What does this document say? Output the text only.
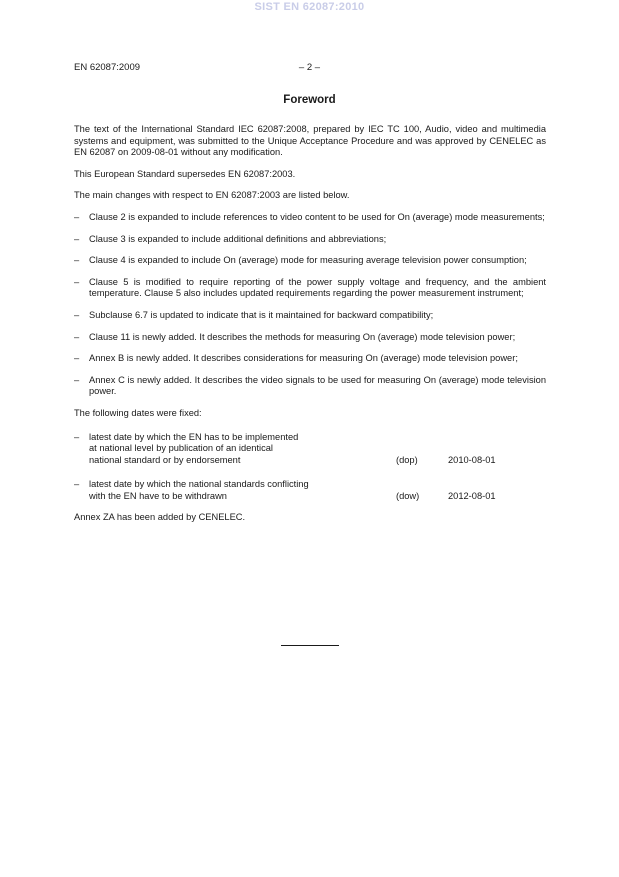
SIST EN 62087:2010
EN 62087:2009	– 2 –
Foreword

The text of the International Standard IEC 62087:2008, prepared by IEC TC 100, Audio, video and multimedia systems and equipment, was submitted to the Unique Acceptance Procedure and was approved by CENELEC as EN 62087 on 2009-08-01 without any modification.

This European Standard supersedes EN 62087:2003.

The main changes with respect to EN 62087:2003 are listed below.

– Clause 2 is expanded to include references to video content to be used for On (average) mode measurements;
– Clause 3 is expanded to include additional definitions and abbreviations;
– Clause 4 is expanded to include On (average) mode for measuring average television power consumption;
– Clause 5 is modified to require reporting of the power supply voltage and frequency, and the ambient temperature. Clause 5 also includes updated requirements regarding the power measurement instrument;
– Subclause 6.7 is updated to indicate that is it maintained for backward compatibility;
– Clause 11 is newly added. It describes the methods for measuring On (average) mode television power;
– Annex B is newly added. It describes considerations for measuring On (average) mode television power;
– Annex C is newly added. It describes the video signals to be used for measuring On (average) mode television power.

The following dates were fixed:

– latest date by which the EN has to be implemented
at national level by publication of an identical
national standard or by endorsement	(dop)	2010-08-01
– latest date by which the national standards conflicting
with the EN have to be withdrawn	(dow)	2012-08-01

Annex ZA has been added by CENELEC.
